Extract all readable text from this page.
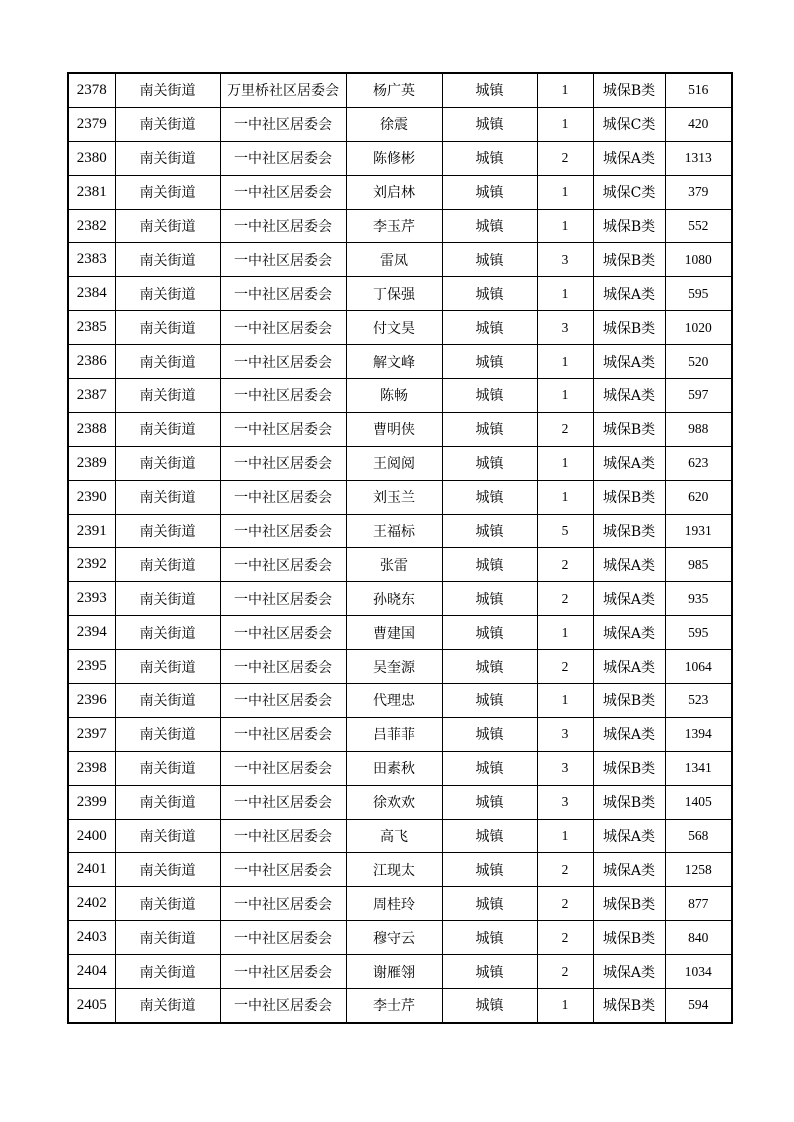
2378	南关街道	万里桥社区居委会	杨广英	城镇	1	城保B类	516
2379	南关街道	一中社区居委会	徐震	城镇	1	城保C类	420
2380	南关街道	一中社区居委会	陈修彬	城镇	2	城保A类	1313
2381	南关街道	一中社区居委会	刘启林	城镇	1	城保C类	379
2382	南关街道	一中社区居委会	李玉芹	城镇	1	城保B类	552
2383	南关街道	一中社区居委会	雷凤	城镇	3	城保B类	1080
2384	南关街道	一中社区居委会	丁保强	城镇	1	城保A类	595
2385	南关街道	一中社区居委会	付文昊	城镇	3	城保B类	1020
2386	南关街道	一中社区居委会	解文峰	城镇	1	城保A类	520
2387	南关街道	一中社区居委会	陈畅	城镇	1	城保A类	597
2388	南关街道	一中社区居委会	曹明侠	城镇	2	城保B类	988
2389	南关街道	一中社区居委会	王阅阅	城镇	1	城保A类	623
2390	南关街道	一中社区居委会	刘玉兰	城镇	1	城保B类	620
2391	南关街道	一中社区居委会	王福标	城镇	5	城保B类	1931
2392	南关街道	一中社区居委会	张雷	城镇	2	城保A类	985
2393	南关街道	一中社区居委会	孙晓东	城镇	2	城保A类	935
2394	南关街道	一中社区居委会	曹建国	城镇	1	城保A类	595
2395	南关街道	一中社区居委会	吴奎源	城镇	2	城保A类	1064
2396	南关街道	一中社区居委会	代理忠	城镇	1	城保B类	523
2397	南关街道	一中社区居委会	吕菲菲	城镇	3	城保A类	1394
2398	南关街道	一中社区居委会	田素秋	城镇	3	城保B类	1341
2399	南关街道	一中社区居委会	徐欢欢	城镇	3	城保B类	1405
2400	南关街道	一中社区居委会	高飞	城镇	1	城保A类	568
2401	南关街道	一中社区居委会	江现太	城镇	2	城保A类	1258
2402	南关街道	一中社区居委会	周桂玲	城镇	2	城保B类	877
2403	南关街道	一中社区居委会	穆守云	城镇	2	城保B类	840
2404	南关街道	一中社区居委会	谢雁翎	城镇	2	城保A类	1034
2405	南关街道	一中社区居委会	李士芹	城镇	1	城保B类	594
